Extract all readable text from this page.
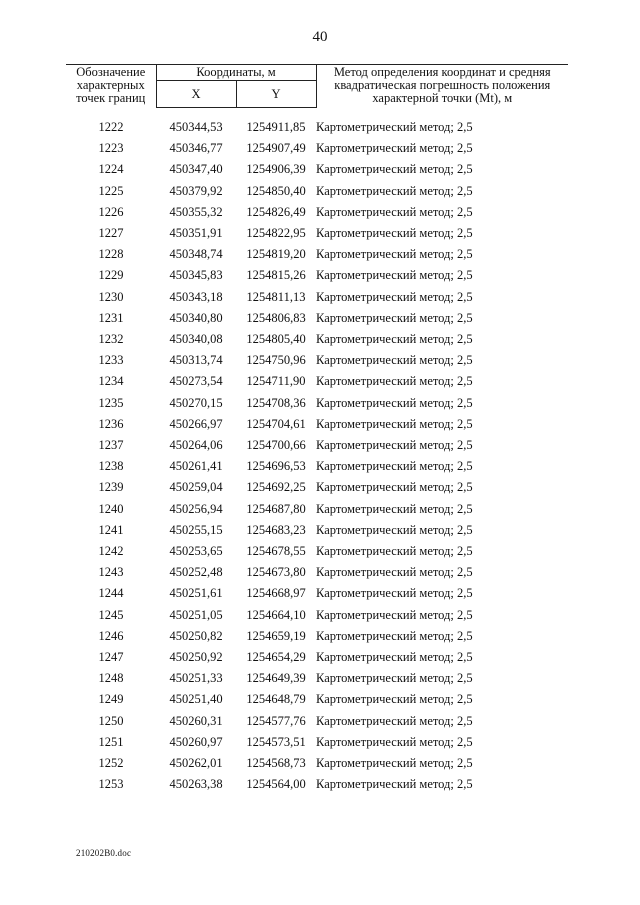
40
Обозначение характерных точек границ	Координаты, м		Метод определения координат и средняя квадратическая погрешность положения характерной точки (Mt), м
	X	Y	

1222	450344,53	1254911,85	Картометрический метод; 2,5
1223	450346,77	1254907,49	Картометрический метод; 2,5
1224	450347,40	1254906,39	Картометрический метод; 2,5
1225	450379,92	1254850,40	Картометрический метод; 2,5
1226	450355,32	1254826,49	Картометрический метод; 2,5
1227	450351,91	1254822,95	Картометрический метод; 2,5
1228	450348,74	1254819,20	Картометрический метод; 2,5
1229	450345,83	1254815,26	Картометрический метод; 2,5
1230	450343,18	1254811,13	Картометрический метод; 2,5
1231	450340,80	1254806,83	Картометрический метод; 2,5
1232	450340,08	1254805,40	Картометрический метод; 2,5
1233	450313,74	1254750,96	Картометрический метод; 2,5
1234	450273,54	1254711,90	Картометрический метод; 2,5
1235	450270,15	1254708,36	Картометрический метод; 2,5
1236	450266,97	1254704,61	Картометрический метод; 2,5
1237	450264,06	1254700,66	Картометрический метод; 2,5
1238	450261,41	1254696,53	Картометрический метод; 2,5
1239	450259,04	1254692,25	Картометрический метод; 2,5
1240	450256,94	1254687,80	Картометрический метод; 2,5
1241	450255,15	1254683,23	Картометрический метод; 2,5
1242	450253,65	1254678,55	Картометрический метод; 2,5
1243	450252,48	1254673,80	Картометрический метод; 2,5
1244	450251,61	1254668,97	Картометрический метод; 2,5
1245	450251,05	1254664,10	Картометрический метод; 2,5
1246	450250,82	1254659,19	Картометрический метод; 2,5
1247	450250,92	1254654,29	Картометрический метод; 2,5
1248	450251,33	1254649,39	Картометрический метод; 2,5
1249	450251,40	1254648,79	Картометрический метод; 2,5
1250	450260,31	1254577,76	Картометрический метод; 2,5
1251	450260,97	1254573,51	Картометрический метод; 2,5
1252	450262,01	1254568,73	Картометрический метод; 2,5
1253	450263,38	1254564,00	Картометрический метод; 2,5
210202B0.doc
